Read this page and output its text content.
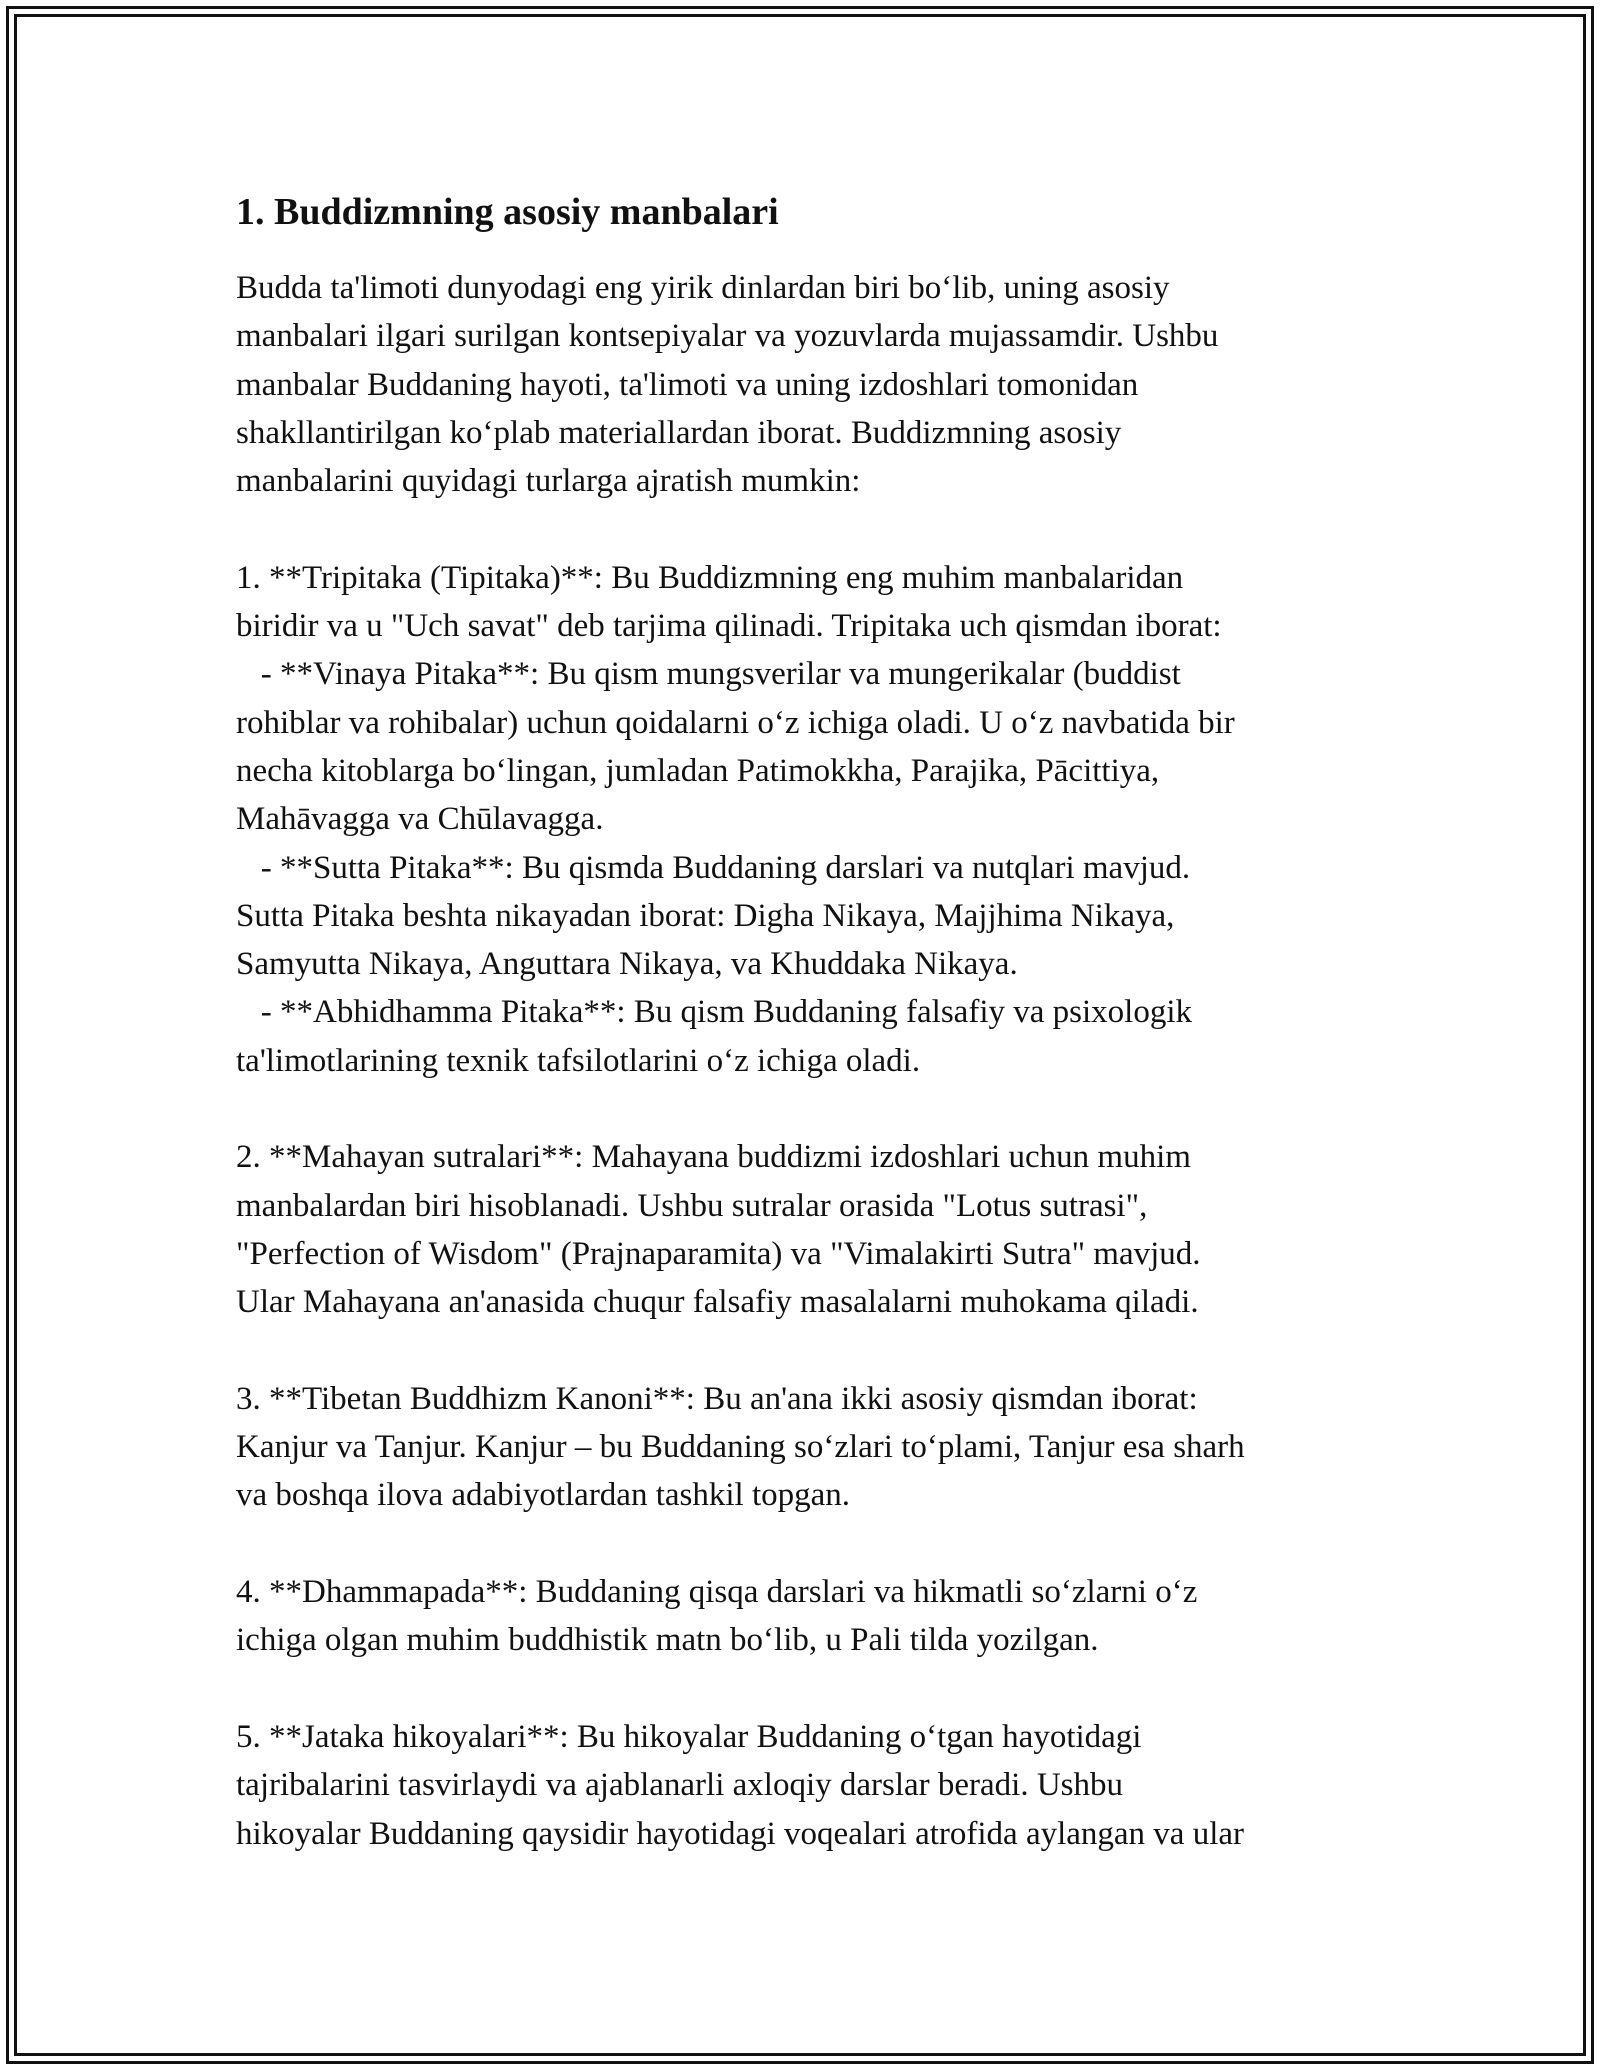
1. Buddizmning asosiy manbalari

Budda ta'limoti dunyodagi eng yirik dinlardan biri bo‘lib, uning asosiy
manbalari ilgari surilgan kontsepiyalar va yozuvlarda mujassamdir. Ushbu
manbalar Buddaning hayoti, ta'limoti va uning izdoshlari tomonidan
shakllantirilgan ko‘plab materiallardan iborat. Buddizmning asosiy
manbalarini quyidagi turlarga ajratish mumkin:

1. **Tripitaka (Tipitaka)**: Bu Buddizmning eng muhim manbalaridan
biridir va u "Uch savat" deb tarjima qilinadi. Tripitaka uch qismdan iborat:
- **Vinaya Pitaka**: Bu qism mungsverilar va mungerikalar (buddist
rohiblar va rohibalar) uchun qoidalarni o‘z ichiga oladi. U o‘z navbatida bir
necha kitoblarga bo‘lingan, jumladan Patimokkha, Parajika, Pācittiya,
Mahāvagga va Chūlavagga.
- **Sutta Pitaka**: Bu qismda Buddaning darslari va nutqlari mavjud.
Sutta Pitaka beshta nikayadan iborat: Digha Nikaya, Majjhima Nikaya,
Samyutta Nikaya, Anguttara Nikaya, va Khuddaka Nikaya.
- **Abhidhamma Pitaka**: Bu qism Buddaning falsafiy va psixologik
ta'limotlarining texnik tafsilotlarini o‘z ichiga oladi.

2. **Mahayan sutralari**: Mahayana buddizmi izdoshlari uchun muhim
manbalardan biri hisoblanadi. Ushbu sutralar orasida "Lotus sutrasi",
"Perfection of Wisdom" (Prajnaparamita) va "Vimalakirti Sutra" mavjud.
Ular Mahayana an'anasida chuqur falsafiy masalalarni muhokama qiladi.

3. **Tibetan Buddhizm Kanoni**: Bu an'ana ikki asosiy qismdan iborat:
Kanjur va Tanjur. Kanjur – bu Buddaning so‘zlari to‘plami, Tanjur esa sharh
va boshqa ilova adabiyotlardan tashkil topgan.

4. **Dhammapada**: Buddaning qisqa darslari va hikmatli so‘zlarni o‘z
ichiga olgan muhim buddhistik matn bo‘lib, u Pali tilda yozilgan.

5. **Jataka hikoyalari**: Bu hikoyalar Buddaning o‘tgan hayotidagi
tajribalarini tasvirlaydi va ajablanarli axloqiy darslar beradi. Ushbu
hikoyalar Buddaning qaysidir hayotidagi voqealari atrofida aylangan va ular
